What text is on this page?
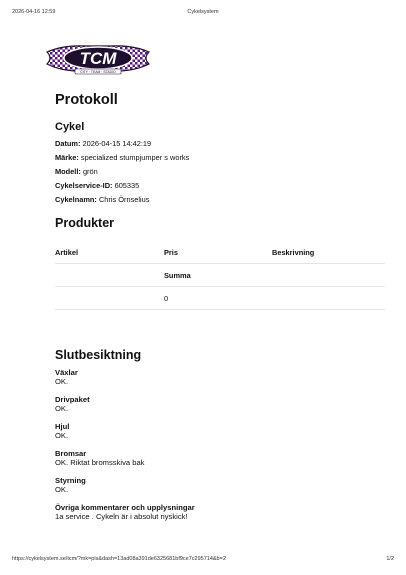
2026-04-16 12:59	Cykelsystem
TCM
CITY · TEAM · STADIO
Protokoll
Cykel
Datum: 2026-04-15 14:42:19
Märke: specialized stumpjumper s works
Modell: grön
Cykelservice-ID: 605335
Cykelnamn: Chris Örnselius
Produkter
Artikel	Pris	Beskrivning
	Summa	
	0	
Slutbesiktning
Växlar
OK.
Drivpaket
OK.
Hjul
OK.
Bromsar
OK. Riktat bromsskiva bak
Styrning
OK.
Övriga kommentarer och upplysningar
1a service . Cykeln är i absolut nyskick!
https://cykelsystem.se/tcm/?mk=pls&dash=13ad08a391de6325681bf9ce7c295714&b=2	1/2
